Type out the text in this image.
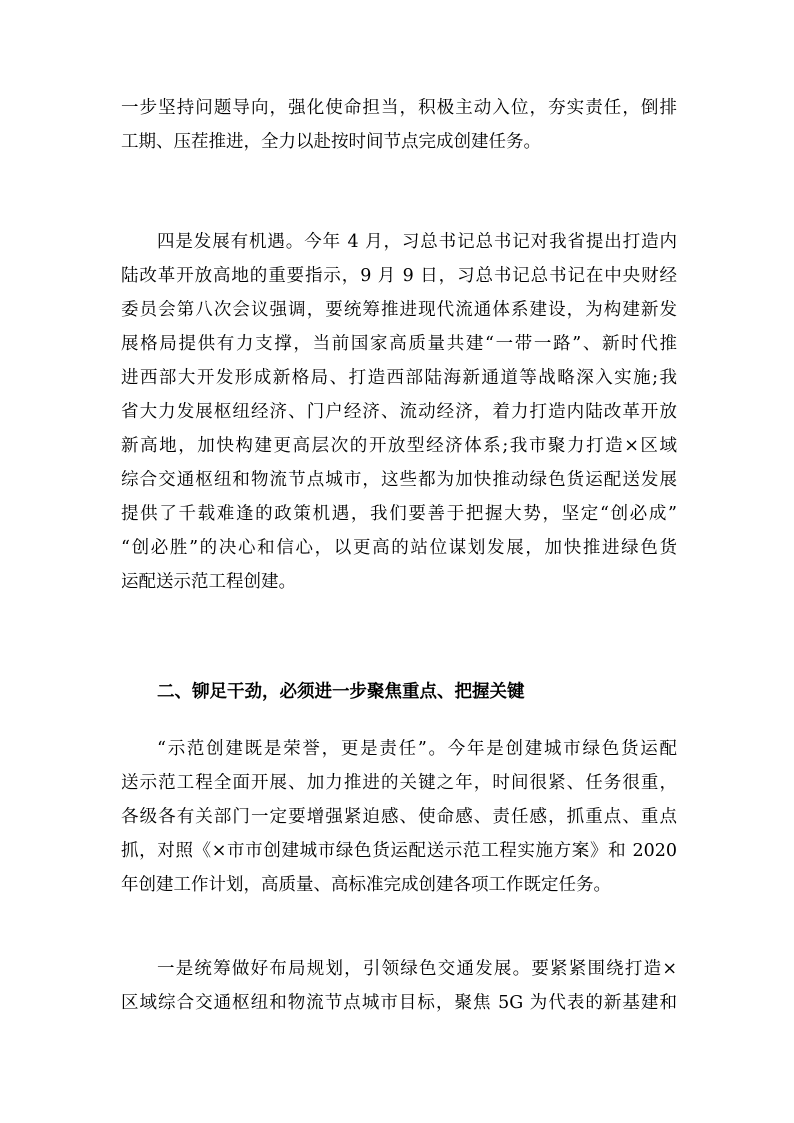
一步坚持问题导向，强化使命担当，积极主动入位，夯实责任，倒排
工期、压茬推进，全力以赴按时间节点完成创建任务。
四是发展有机遇。今年 4 月，习总书记总书记对我省提出打造内
陆改革开放高地的重要指示，9 月 9 日，习总书记总书记在中央财经
委员会第八次会议强调，要统筹推进现代流通体系建设，为构建新发
展格局提供有力支撑，当前国家高质量共建“一带一路”、新时代推
进西部大开发形成新格局、打造西部陆海新通道等战略深入实施;我
省大力发展枢纽经济、门户经济、流动经济，着力打造内陆改革开放
新高地，加快构建更高层次的开放型经济体系;我市聚力打造×区域
综合交通枢纽和物流节点城市，这些都为加快推动绿色货运配送发展
提供了千载难逢的政策机遇，我们要善于把握大势，坚定“创必成”
“创必胜”的决心和信心，以更高的站位谋划发展，加快推进绿色货
运配送示范工程创建。
二、铆足干劲，必须进一步聚焦重点、把握关键
“示范创建既是荣誉，更是责任”。今年是创建城市绿色货运配
送示范工程全面开展、加力推进的关键之年，时间很紧、任务很重，
各级各有关部门一定要增强紧迫感、使命感、责任感，抓重点、重点
抓，对照《×市市创建城市绿色货运配送示范工程实施方案》和 2020
年创建工作计划，高质量、高标准完成创建各项工作既定任务。
一是统筹做好布局规划，引领绿色交通发展。要紧紧围绕打造×
区域综合交通枢纽和物流节点城市目标，聚焦 5G 为代表的新基建和
